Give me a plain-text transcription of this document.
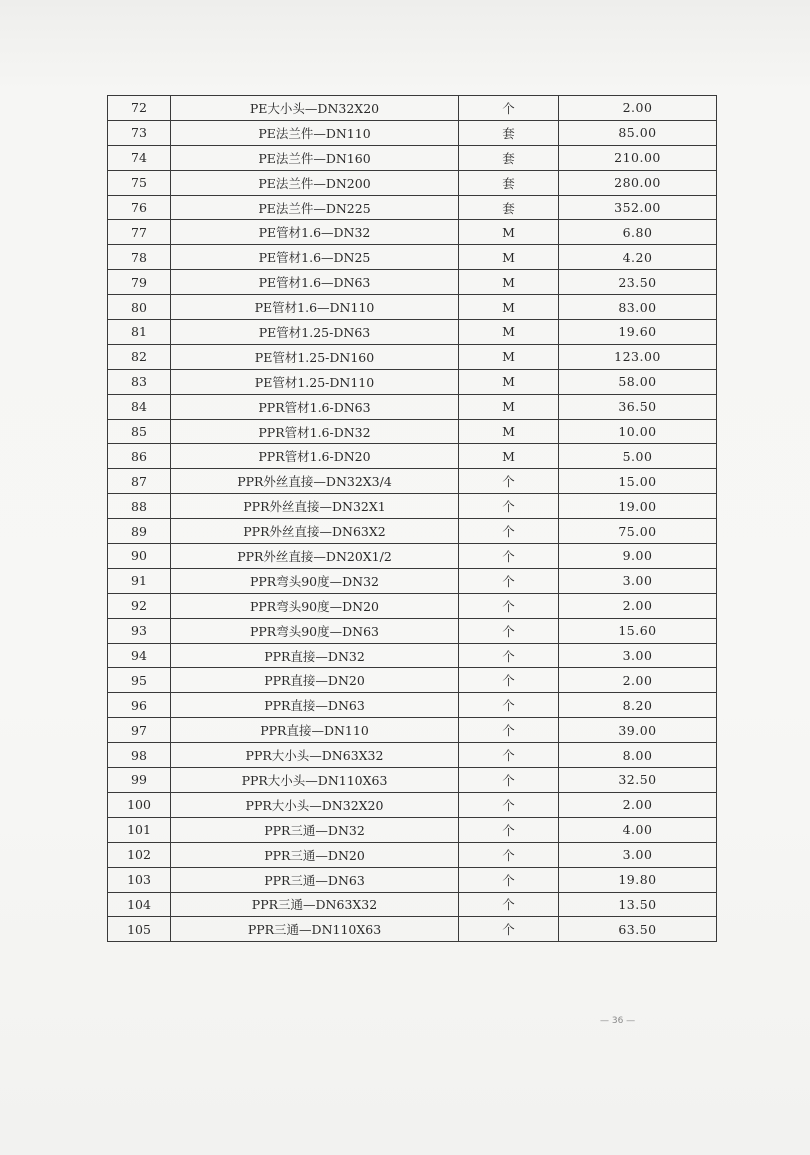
72	PE大小头—DN32X20	个	2.00
73	PE法兰件—DN110	套	85.00
74	PE法兰件—DN160	套	210.00
75	PE法兰件—DN200	套	280.00
76	PE法兰件—DN225	套	352.00
77	PE管材1.6—DN32	M	6.80
78	PE管材1.6—DN25	M	4.20
79	PE管材1.6—DN63	M	23.50
80	PE管材1.6—DN110	M	83.00
81	PE管材1.25-DN63	M	19.60
82	PE管材1.25-DN160	M	123.00
83	PE管材1.25-DN110	M	58.00
84	PPR管材1.6-DN63	M	36.50
85	PPR管材1.6-DN32	M	10.00
86	PPR管材1.6-DN20	M	5.00
87	PPR外丝直接—DN32X3/4	个	15.00
88	PPR外丝直接—DN32X1	个	19.00
89	PPR外丝直接—DN63X2	个	75.00
90	PPR外丝直接—DN20X1/2	个	9.00
91	PPR弯头90度—DN32	个	3.00
92	PPR弯头90度—DN20	个	2.00
93	PPR弯头90度—DN63	个	15.60
94	PPR直接—DN32	个	3.00
95	PPR直接—DN20	个	2.00
96	PPR直接—DN63	个	8.20
97	PPR直接—DN110	个	39.00
98	PPR大小头—DN63X32	个	8.00
99	PPR大小头—DN110X63	个	32.50
100	PPR大小头—DN32X20	个	2.00
101	PPR三通—DN32	个	4.00
102	PPR三通—DN20	个	3.00
103	PPR三通—DN63	个	19.80
104	PPR三通—DN63X32	个	13.50
105	PPR三通—DN110X63	个	63.50
— 36 —
